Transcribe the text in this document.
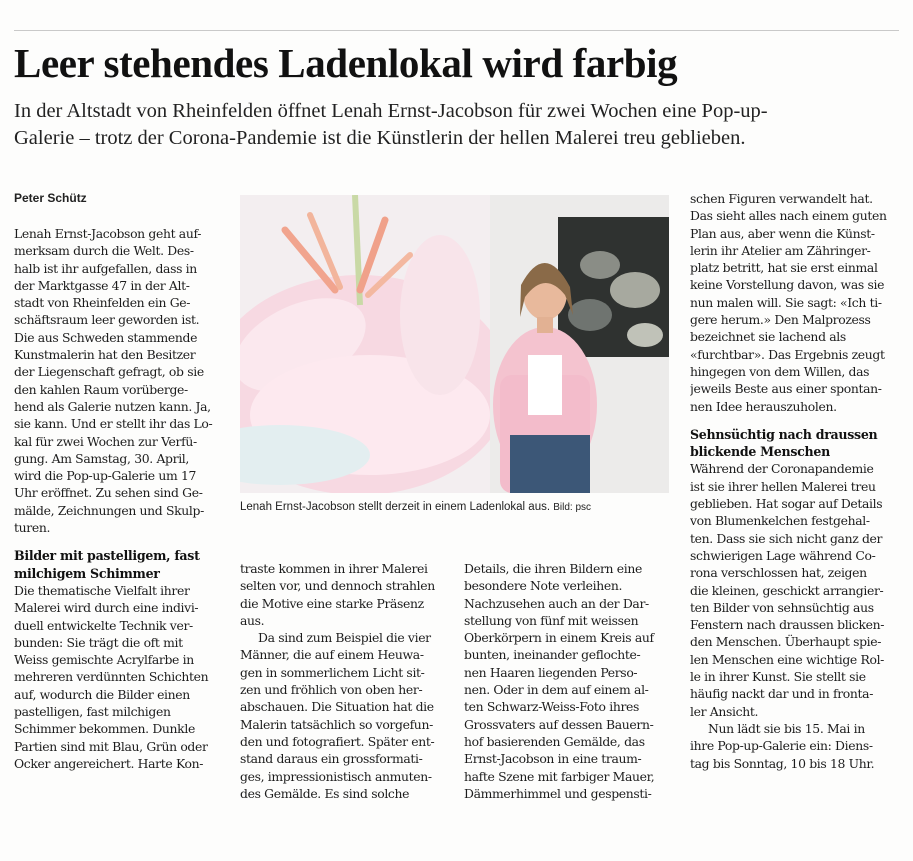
Leer stehendes Ladenlokal wird farbig
In der Altstadt von Rheinfelden öffnet Lenah Ernst-Jacobson für zwei Wochen eine Pop-up-
Galerie – trotz der Corona-Pandemie ist die Künstlerin der hellen Malerei treu geblieben.
Peter Schütz
Lenah Ernst-Jacobson geht auf-
merksam durch die Welt. Des-
halb ist ihr aufgefallen, dass in
der Marktgasse 47 in der Alt-
stadt von Rheinfelden ein Ge-
schäftsraum leer geworden ist.
Die aus Schweden stammende
Kunstmalerin hat den Besitzer
der Liegenschaft gefragt, ob sie
den kahlen Raum vorüberge-
hend als Galerie nutzen kann. Ja,
sie kann. Und er stellt ihr das Lo-
kal für zwei Wochen zur Verfü-
gung. Am Samstag, 30. April,
wird die Pop-up-Galerie um 17
Uhr eröffnet. Zu sehen sind Ge-
mälde, Zeichnungen und Skulp-
turen.
Bilder mit pastelligem, fast
milchigem Schimmer
Die thematische Vielfalt ihrer
Malerei wird durch eine indivi-
duell entwickelte Technik ver-
bunden: Sie trägt die oft mit
Weiss gemischte Acrylfarbe in
mehreren verdünnten Schichten
auf, wodurch die Bilder einen
pastelligen, fast milchigen
Schimmer bekommen. Dunkle
Partien sind mit Blau, Grün oder
Ocker angereichert. Harte Kon-
Lenah Ernst-Jacobson stellt derzeit in einem Ladenlokal aus. Bild: psc
traste kommen in ihrer Malerei
selten vor, und dennoch strahlen
die Motive eine starke Präsenz
aus.
Da sind zum Beispiel die vier
Männer, die auf einem Heuwa-
gen in sommerlichem Licht sit-
zen und fröhlich von oben her-
abschauen. Die Situation hat die
Malerin tatsächlich so vorgefun-
den und fotografiert. Später ent-
stand daraus ein grossformati-
ges, impressionistisch anmuten-
des Gemälde. Es sind solche
Details, die ihren Bildern eine
besondere Note verleihen.
Nachzusehen auch an der Dar-
stellung von fünf mit weissen
Oberkörpern in einem Kreis auf
bunten, ineinander geflochte-
nen Haaren liegenden Perso-
nen. Oder in dem auf einem al-
ten Schwarz-Weiss-Foto ihres
Grossvaters auf dessen Bauern-
hof basierenden Gemälde, das
Ernst-Jacobson in eine traum-
hafte Szene mit farbiger Mauer,
Dämmerhimmel und gespensti-
schen Figuren verwandelt hat.
Das sieht alles nach einem guten
Plan aus, aber wenn die Künst-
lerin ihr Atelier am Zähringer-
platz betritt, hat sie erst einmal
keine Vorstellung davon, was sie
nun malen will. Sie sagt: «Ich ti-
gere herum.» Den Malprozess
bezeichnet sie lachend als
«furchtbar». Das Ergebnis zeugt
hingegen von dem Willen, das
jeweils Beste aus einer spontan-
nen Idee herauszuholen.
Sehnsüchtig nach draussen
blickende Menschen
Während der Coronapandemie
ist sie ihrer hellen Malerei treu
geblieben. Hat sogar auf Details
von Blumenkelchen festgehal-
ten. Dass sie sich nicht ganz der
schwierigen Lage während Co-
rona verschlossen hat, zeigen
die kleinen, geschickt arrangier-
ten Bilder von sehnsüchtig aus
Fenstern nach draussen blicken-
den Menschen. Überhaupt spie-
len Menschen eine wichtige Rol-
le in ihrer Kunst. Sie stellt sie
häufig nackt dar und in fronta-
ler Ansicht.
Nun lädt sie bis 15. Mai in
ihre Pop-up-Galerie ein: Diens-
tag bis Sonntag, 10 bis 18 Uhr.
